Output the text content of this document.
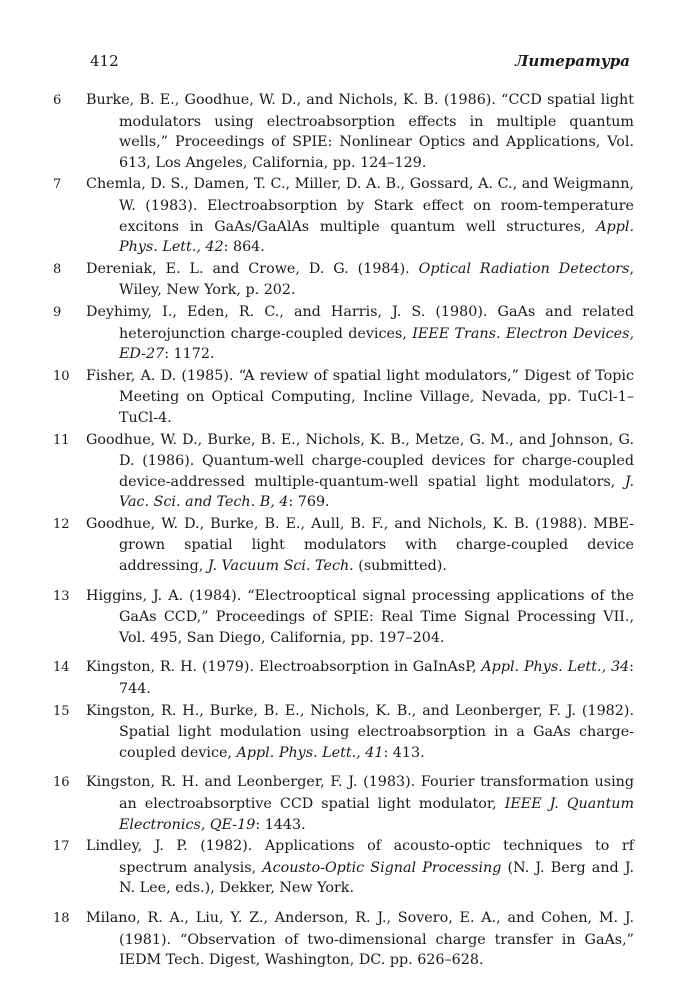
412	Литература
6 Burke, B. E., Goodhue, W. D., and Nichols, K. B. (1986). “CCD spatial light modulators using electroabsorption effects in multiple quantum wells,” Proceedings of SPIE: Nonlinear Optics and Applications, Vol. 613, Los Angeles, California, pp. 124–129.
7 Chemla, D. S., Damen, T. C., Miller, D. A. B., Gossard, A. C., and Weigmann, W. (1983). Electroabsorption by Stark effect on room-temperature excitons in GaAs/GaAlAs multiple quantum well structures, Appl. Phys. Lett., 42: 864.
8 Dereniak, E. L. and Crowe, D. G. (1984). Optical Radiation Detectors, Wiley, New York, p. 202.
9 Deyhimy, I., Eden, R. C., and Harris, J. S. (1980). GaAs and related heterojunction charge-coupled devices, IEEE Trans. Electron Devices, ED-27: 1172.
10 Fisher, A. D. (1985). “A review of spatial light modulators,” Digest of Topic Meeting on Optical Computing, Incline Village, Nevada, pp. TuCl-1–TuCl-4.
11 Goodhue, W. D., Burke, B. E., Nichols, K. B., Metze, G. M., and Johnson, G. D. (1986). Quantum-well charge-coupled devices for charge-coupled device-addressed multiple-quantum-well spatial light modulators, J. Vac. Sci. and Tech. B, 4: 769.
12 Goodhue, W. D., Burke, B. E., Aull, B. F., and Nichols, K. B. (1988). MBE-grown spatial light modulators with charge-coupled device addressing, J. Vacuum Sci. Tech. (submitted).
13 Higgins, J. A. (1984). “Electrooptical signal processing applications of the GaAs CCD,” Proceedings of SPIE: Real Time Signal Processing VII., Vol. 495, San Diego, California, pp. 197–204.
14 Kingston, R. H. (1979). Electroabsorption in GaInAsP, Appl. Phys. Lett., 34: 744.
15 Kingston, R. H., Burke, B. E., Nichols, K. B., and Leonberger, F. J. (1982). Spatial light modulation using electroabsorption in a GaAs charge-coupled device, Appl. Phys. Lett., 41: 413.
16 Kingston, R. H. and Leonberger, F. J. (1983). Fourier transformation using an electroabsorptive CCD spatial light modulator, IEEE J. Quantum Electronics, QE-19: 1443.
17 Lindley, J. P. (1982). Applications of acousto-optic techniques to rf spectrum analysis, Acousto-Optic Signal Processing (N. J. Berg and J. N. Lee, eds.), Dekker, New York.
18 Milano, R. A., Liu, Y. Z., Anderson, R. J., Sovero, E. A., and Cohen, M. J. (1981). “Observation of two-dimensional charge transfer in GaAs,” IEDM Tech. Digest, Washington, DC. pp. 626–628.
